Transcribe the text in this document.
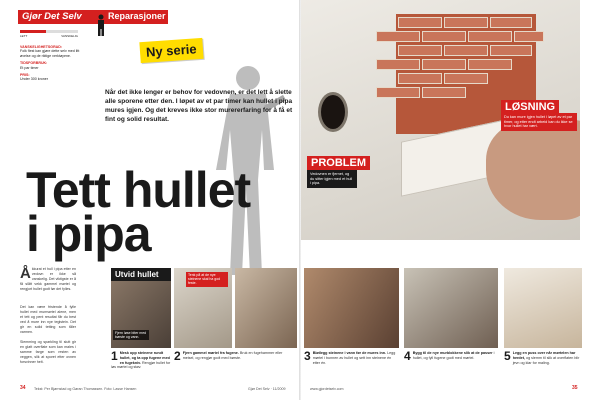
Gjør Det Selv	Reparasjoner
LETT	VANSKELIG
VANSKELIGHETSGRAD:
Folk flest kan gjøre dette selv med litt øvelse og de riktige verktøyene.
TIDSFORBRUK:
Et par timer
PRIS:
Under 300 kroner
Ny serie
Når det ikke lenger er behov for vedovnen, er det lett å slette alle sporene etter den. I løpet av et par timer kan hullet i pipa mures igjen. Og det kreves ikke stor murererfaring for å få et fint og solid resultat.
Tett hullet
i pipa
Å kkurat et hull i pipa etter en vedovn er ikke så vanskelig. Det viktigste er å få slått vekk gammel mørtel og rengjort hullet godt før det fylles.
Det kan være fristende å fylle hullet med murmørtel alene, men et tett og pent resultat får du best ved å mure inn nye teglstein. Det gir en solid tetting som tåler varmen.
Slemming og sparkling til slutt gir en glatt overflate som kan males i samme farge som resten av veggen, slik at sporet etter ovnen forsvinner helt.
PROBLEM
Vedovnen er fjernet, og du sitter igjen med et hull i pipa.
LØSNING
Du kan mure igjen hullet i løpet av et par timer, og etter endt arbeid kan du ikke se hvor hullet har vært.
Fjern løse biter med børste og vann.
Utvid hullet	Tenk på at de nye steinene skal ha god feste.
1 Mesk opp steinene rundt hullet, og ta opp fugene med en fugekniv. Rengjør hullet for løs mørtel og støv.
2 Fjern gammel mørtel fra fugene. Bruk en fugehammer eller meisel, og rengjør godt med børste.	3 Bløtlegg steinene i vann før de mures inn. Legg mørtel i bunnen av hullet og sett inn steinene én etter én.	4 Bygg til de nye murblokkene slik at de passer i hullet, og fyll fugene godt med mørtel.	5 Legg en puss over når mørtelen har herdet, og slemm til slik at overflaten blir jevn og klar for maling.
34 Tekst: Per Bjørnstad og Gøran Thomassen. Foto: Lasse Hansen	Gjør Det Selv · 11/2009	www.gjordetselv.com	35
